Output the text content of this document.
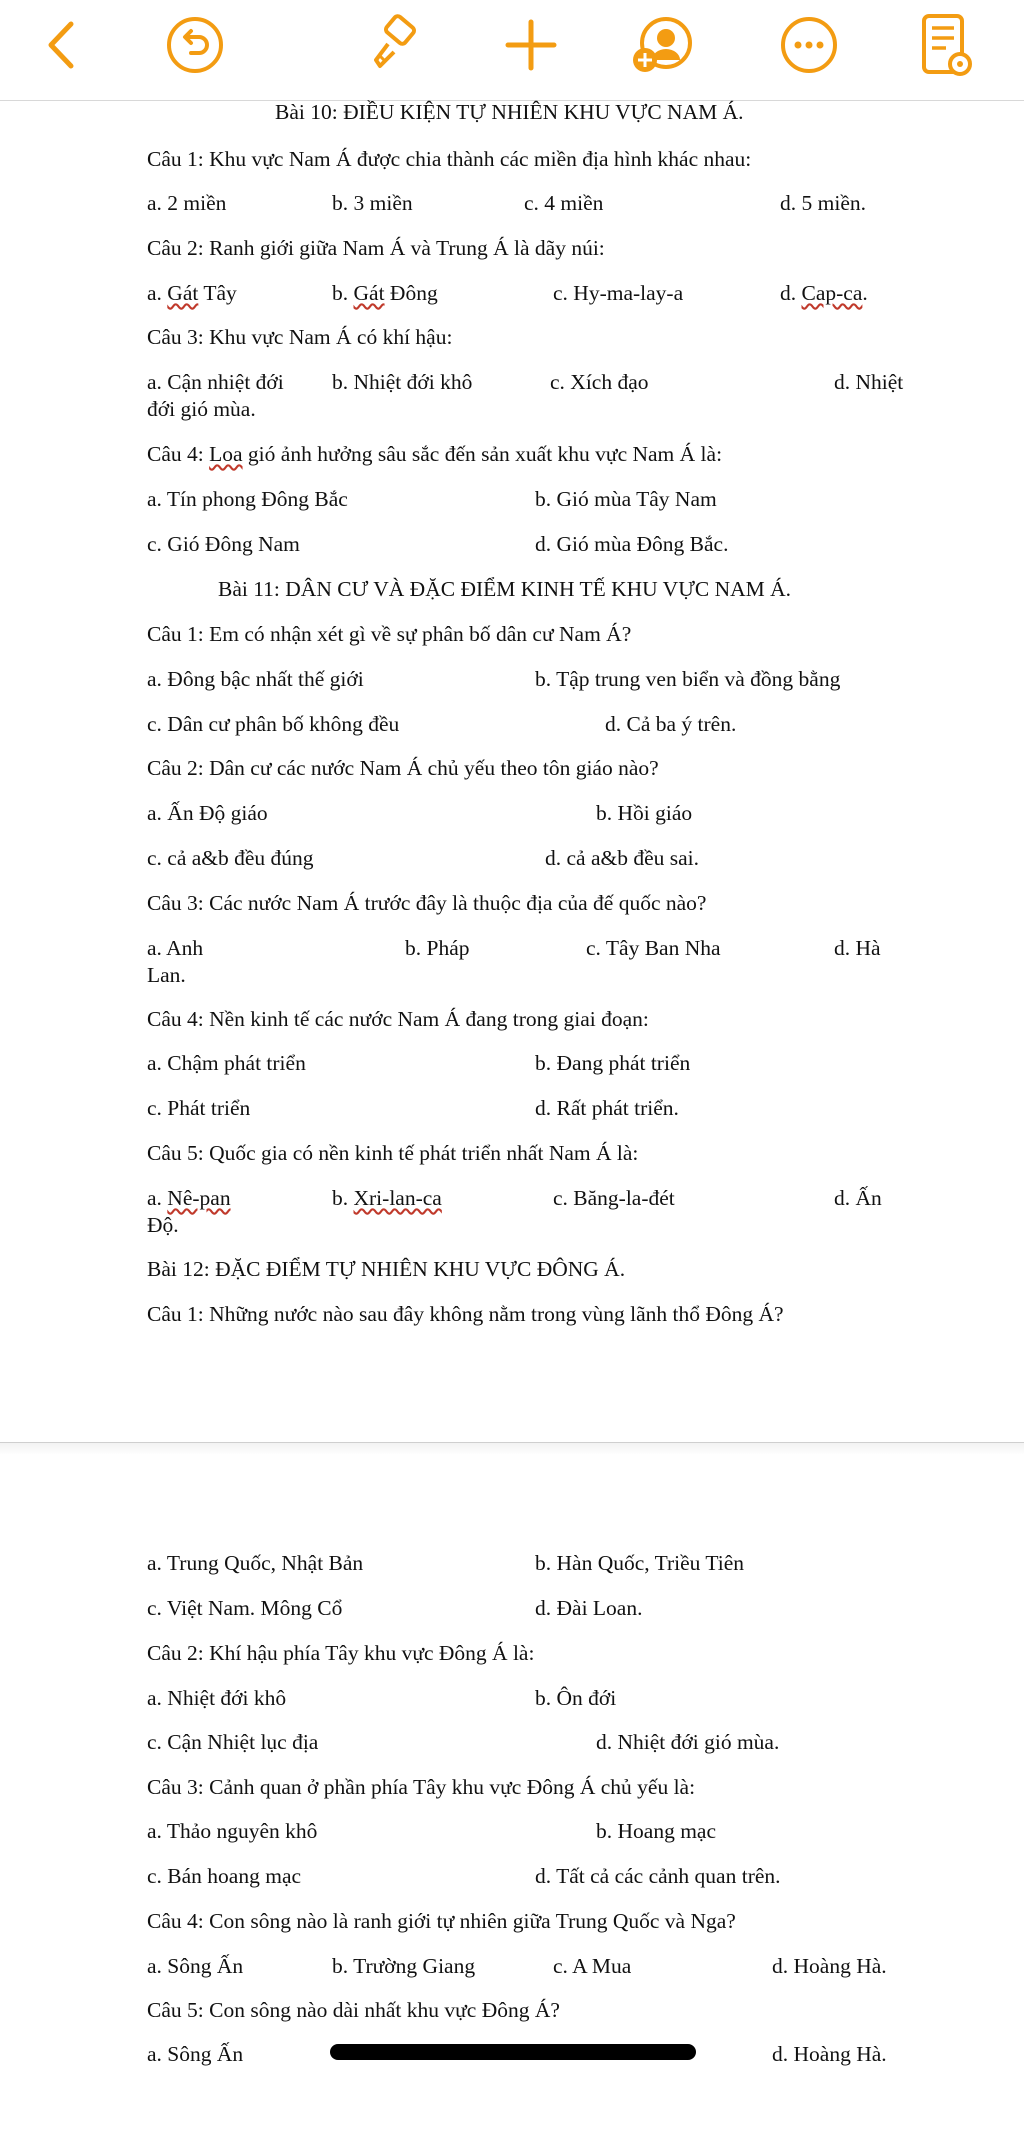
Bài 10: ĐIỀU KIỆN TỰ NHIÊN KHU VỰC NAM Á.
Câu 1: Khu vực Nam Á được chia thành các miền địa hình khác nhau:
a. 2 miền	b. 3 miền	c. 4 miền	d. 5 miền.
Câu 2: Ranh giới giữa Nam Á và Trung Á là dãy núi:
a. Gát Tây	b. Gát Đông	c. Hy-ma-lay-a	d. Cap-ca.
Câu 3: Khu vực Nam Á có khí hậu:
a. Cận nhiệt đới b. Nhiệt đới khô	c. Xích đạo	d. Nhiệt
đới gió mùa.
Câu 4: Loa gió ảnh hưởng sâu sắc đến sản xuất khu vực Nam Á là:
a. Tín phong Đông Bắc	b. Gió mùa Tây Nam
c. Gió Đông Nam	d. Gió mùa Đông Bắc.
Bài 11: DÂN CƯ VÀ ĐẶC ĐIỂM KINH TẾ KHU VỰC NAM Á.
Câu 1: Em có nhận xét gì về sự phân bố dân cư Nam Á?
a. Đông bậc nhất thế giới	b. Tập trung ven biển và đồng bằng
c. Dân cư phân bố không đều	d. Cả ba ý trên.
Câu 2: Dân cư các nước Nam Á chủ yếu theo tôn giáo nào?
a. Ấn Độ giáo	b. Hồi giáo
c. cả a&b đều đúng	d. cả a&b đều sai.
Câu 3: Các nước Nam Á trước đây là thuộc địa của đế quốc nào?
a. Anh	b. Pháp	c. Tây Ban Nha	d. Hà
Lan.
Câu 4: Nền kinh tế các nước Nam Á đang trong giai đoạn:
a. Chậm phát triển	b. Đang phát triển
c. Phát triển	d. Rất phát triển.
Câu 5: Quốc gia có nền kinh tế phát triển nhất Nam Á là:
a. Nê-pan	b. Xri-lan-ca	c. Băng-la-đét	d. Ấn
Độ.
Bài 12: ĐẶC ĐIỂM TỰ NHIÊN KHU VỰC ĐÔNG Á.
Câu 1: Những nước nào sau đây không nằm trong vùng lãnh thổ Đông Á?
a. Trung Quốc, Nhật Bản	b. Hàn Quốc, Triều Tiên
c. Việt Nam. Mông Cổ	d. Đài Loan.
Câu 2: Khí hậu phía Tây khu vực Đông Á là:
a. Nhiệt đới khô	b. Ôn đới
c. Cận Nhiệt lục địa	d. Nhiệt đới gió mùa.
Câu 3: Cảnh quan ở phần phía Tây khu vực Đông Á chủ yếu là:
a. Thảo nguyên khô	b. Hoang mạc
c. Bán hoang mạc	d. Tất cả các cảnh quan trên.
Câu 4: Con sông nào là ranh giới tự nhiên giữa Trung Quốc và Nga?
a. Sông Ấn	b. Trường Giang	c. A Mua	d. Hoàng Hà.
Câu 5: Con sông nào dài nhất khu vực Đông Á?
a. Sông Ấn	d. Hoàng Hà.
